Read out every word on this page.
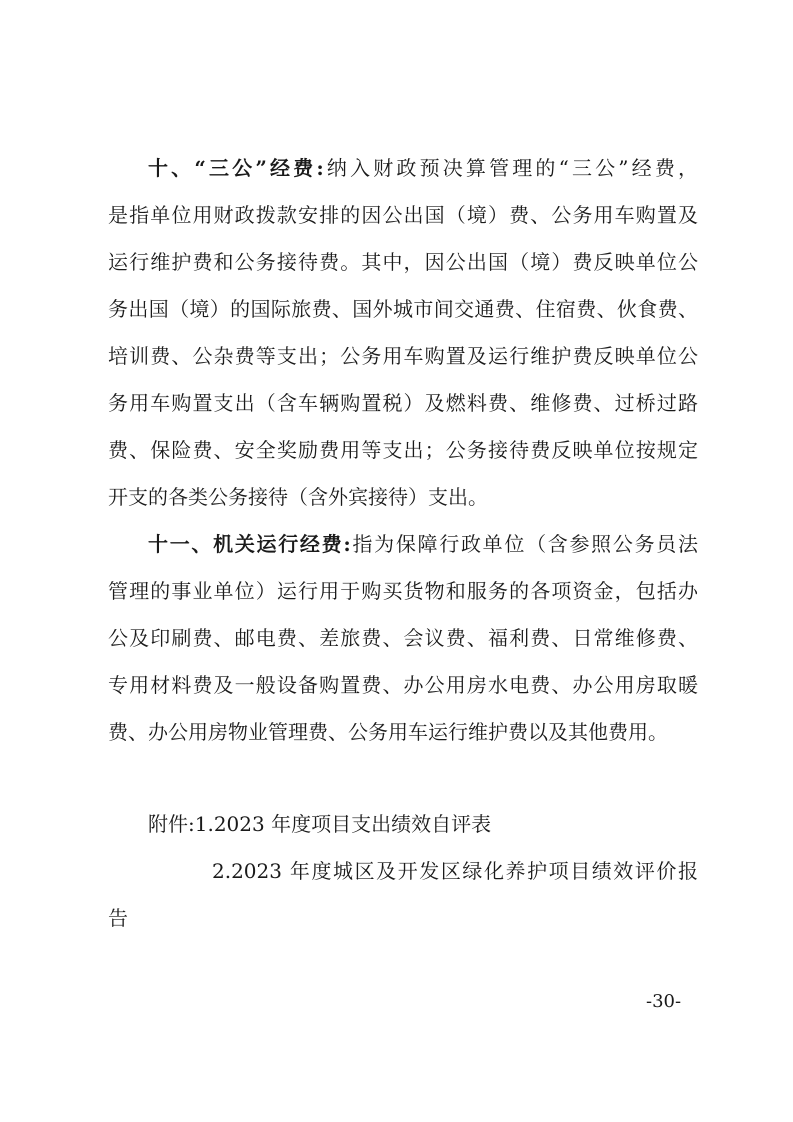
十、“三公”经费:纳入财政预决算管理的“三公”经费，
是指单位用财政拨款安排的因公出国（境）费、公务用车购置及
运行维护费和公务接待费。其中，因公出国（境）费反映单位公
务出国（境）的国际旅费、国外城市间交通费、住宿费、伙食费、
培训费、公杂费等支出；公务用车购置及运行维护费反映单位公
务用车购置支出（含车辆购置税）及燃料费、维修费、过桥过路
费、保险费、安全奖励费用等支出；公务接待费反映单位按规定
开支的各类公务接待（含外宾接待）支出。
十一、机关运行经费:指为保障行政单位（含参照公务员法
管理的事业单位）运行用于购买货物和服务的各项资金，包括办
公及印刷费、邮电费、差旅费、会议费、福利费、日常维修费、
专用材料费及一般设备购置费、办公用房水电费、办公用房取暖
费、办公用房物业管理费、公务用车运行维护费以及其他费用。
附件:1.2023 年度项目支出绩效自评表
2.2023 年度城区及开发区绿化养护项目绩效评价报
告
-30-
